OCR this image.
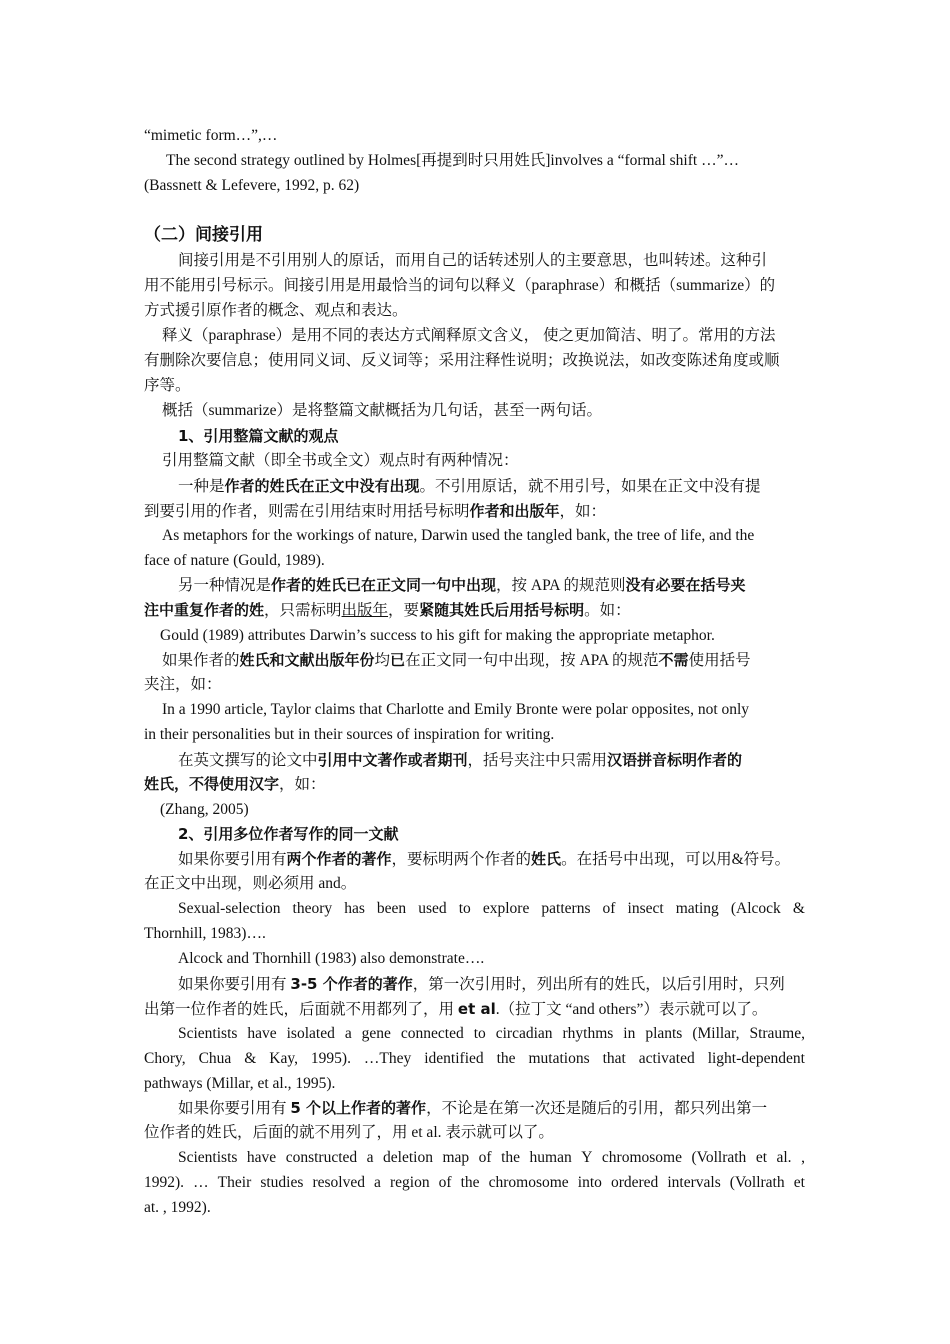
“mimetic form…”,…
The second strategy outlined by Holmes[再提到时只用姓氏]involves a “formal shift …”…
(Bassnett & Lefevere, 1992, p. 62)
（二）间接引用
间接引用是不引用别人的原话，而用自己的话转述别人的主要意思，也叫转述。这种引
用不能用引号标示。间接引用是用最恰当的词句以释义（paraphrase）和概括（summarize）的
方式援引原作者的概念、观点和表达。
释义（paraphrase）是用不同的表达方式阐释原文含义， 使之更加简洁、明了。常用的方法
有删除次要信息；使用同义词、反义词等；采用注释性说明；改换说法，如改变陈述角度或顺
序等。
概括（summarize）是将整篇文献概括为几句话，甚至一两句话。
1、引用整篇文献的观点
引用整篇文献（即全书或全文）观点时有两种情况：
一种是作者的姓氏在正文中没有出现。不引用原话，就不用引号，如果在正文中没有提
到要引用的作者，则需在引用结束时用括号标明作者和出版年，如：
As metaphors for the workings of nature, Darwin used the tangled bank, the tree of life, and the
face of nature (Gould, 1989).
另一种情况是作者的姓氏已在正文同一句中出现，按 APA 的规范则没有必要在括号夹
注中重复作者的姓，只需标明出版年，要紧随其姓氏后用括号标明。如：
Gould (1989) attributes Darwin’s success to his gift for making the appropriate metaphor.
如果作者的姓氏和文献出版年份均已在正文同一句中出现，按 APA 的规范不需使用括号
夹注，如：
In a 1990 article, Taylor claims that Charlotte and Emily Bronte were polar opposites, not only
in their personalities but in their sources of inspiration for writing.
在英文撰写的论文中引用中文著作或者期刊，括号夹注中只需用汉语拼音标明作者的
姓氏，不得使用汉字，如：
(Zhang, 2005)
2、引用多位作者写作的同一文献
如果你要引用有两个作者的著作，要标明两个作者的姓氏。在括号中出现，可以用&符号。
在正文中出现，则必须用 and。
Sexual-selection theory has been used to explore patterns of insect mating (Alcock &
Thornhill, 1983)….
Alcock and Thornhill (1983) also demonstrate….
如果你要引用有 3-5 个作者的著作，第一次引用时，列出所有的姓氏，以后引用时，只列
出第一位作者的姓氏，后面就不用都列了，用 et al.（拉丁文 “and others”）表示就可以了。
Scientists have isolated a gene connected to circadian rhythms in plants (Millar, Straume,
Chory, Chua & Kay, 1995). …They identified the mutations that activated light-dependent
pathways (Millar, et al., 1995).
如果你要引用有 5 个以上作者的著作，不论是在第一次还是随后的引用，都只列出第一
位作者的姓氏，后面的就不用列了，用 et al. 表示就可以了。
Scientists have constructed a deletion map of the human Y chromosome (Vollrath et al. ,
1992). … Their studies resolved a region of the chromosome into ordered intervals (Vollrath et
at. , 1992).
